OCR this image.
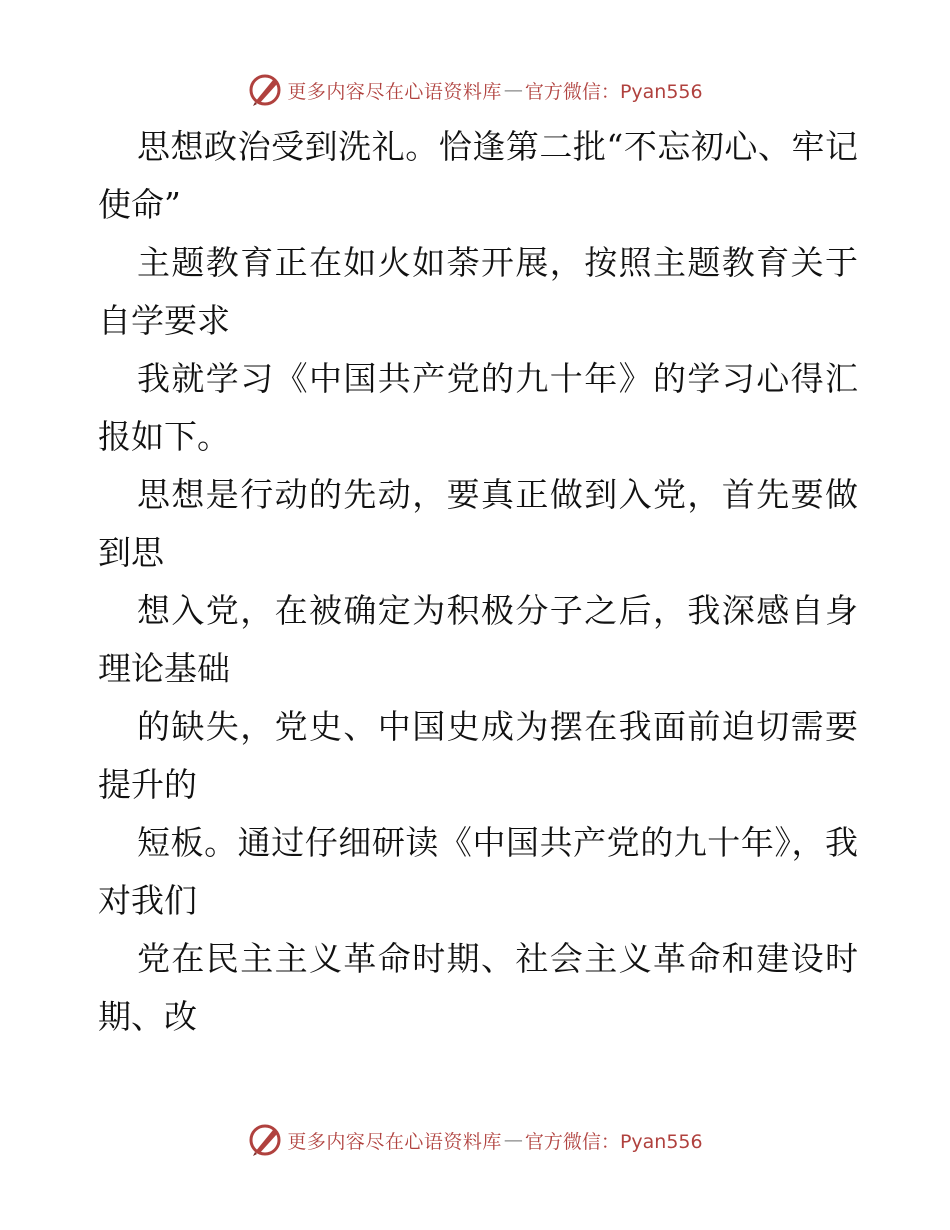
更多内容尽在心语资料库 — 官方微信：Pyan556

思想政治受到洗礼。恰逢第二批“不忘初心、牢记使命”

主题教育正在如火如荼开展，按照主题教育关于自学要求

我就学习《中国共产党的九十年》的学习心得汇报如下。

思想是行动的先动，要真正做到入党，首先要做到思

想入党，在被确定为积极分子之后，我深感自身理论基础

的缺失，党史、中国史成为摆在我面前迫切需要提升的

短板。通过仔细研读《中国共产党的九十年》，我对我们

党在民主主义革命时期、社会主义革命和建设时期、改

更多内容尽在心语资料库 — 官方微信：Pyan556
